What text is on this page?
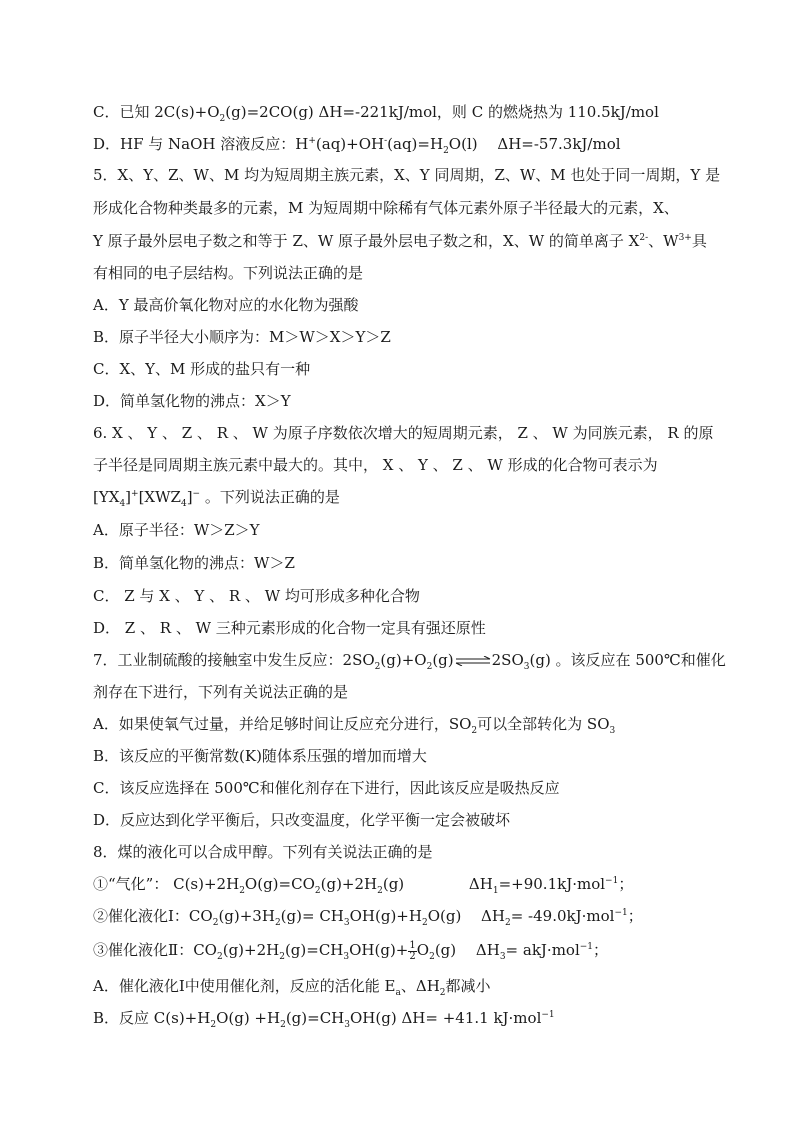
C．已知 $2C(s)+O_2(g)=2CO(g)$ ΔH=-221kJ/mol，则 C 的燃烧热为 110.5kJ/mol
D．HF 与 NaOH 溶液反应：$H^+(aq)+OH^-(aq)=H_2O(l)$　 ΔH=-57.3kJ/mol
5．X、Y、Z、W、M 均为短周期主族元素，X、Y 同周期，Z、W、M 也处于同一周期，Y 是
形成化合物种类最多的元素，M 为短周期中除稀有气体元素外原子半径最大的元素，X、
Y 原子最外层电子数之和等于 Z、W 原子最外层电子数之和，X、W 的简单离子 $X^{2-}$、$W^{3+}$具
有相同的电子层结构。下列说法正确的是
A．Y 最高价氧化物对应的水化物为强酸
B．原子半径大小顺序为：M＞W＞X＞Y＞Z
C．X、Y、M 形成的盐只有一种
D．简单氢化物的沸点：X＞Y
6. X 、 Y 、 Z 、 R 、 W 为原子序数依次增大的短周期元素， Z 、 W 为同族元素， R 的原
子半径是同周期主族元素中最大的。其中， X 、 Y 、 Z 、 W 形成的化合物可表示为
$[YX_4]^+[XWZ_4]^-$ 。下列说法正确的是
A．原子半径：W＞Z＞Y
B．简单氢化物的沸点：W＞Z
C． Z 与 X 、 Y 、 R 、 W 均可形成多种化合物
D． Z 、 R 、 W 三种元素形成的化合物一定具有强还原性
7．工业制硫酸的接触室中发生反应：$2SO_2(g)+O_2(g)\rightleftharpoons 2SO_3(g)$ 。该反应在 500℃和催化
剂存在下进行，下列有关说法正确的是
A．如果使氧气过量，并给足够时间让反应充分进行，$SO_2$可以全部转化为 $SO_3$
B．该反应的平衡常数(K)随体系压强的增加而增大
C．该反应选择在 500℃和催化剂存在下进行，因此该反应是吸热反应
D．反应达到化学平衡后，只改变温度，化学平衡一定会被破坏
8．煤的液化可以合成甲醇。下列有关说法正确的是
①“气化”： $C(s)+2H_2O(g)=CO_2(g)+2H_2(g)$　　　　 $\Delta H_1=+90.1kJ\cdot mol^{-1}$；
②催化液化Ⅰ：$CO_2(g)+3H_2(g)= CH_3OH(g)+H_2O(g)$　 $\Delta H_2= -49.0kJ\cdot mol^{-1}$；
③催化液化Ⅱ：$CO_2(g)+2H_2(g)=CH_3OH(g)+ \frac{1}{2} O_2(g)$　 $\Delta H_3= akJ\cdot mol^{-1}$；
A．催化液化Ⅰ中使用催化剂，反应的活化能 $E_a$、$\Delta H_2$都减小
B．反应 $C(s)+H_2O(g) +H_2(g)=CH_3OH(g)$ ΔH= +41.1 kJ·mol$^{-1}$
